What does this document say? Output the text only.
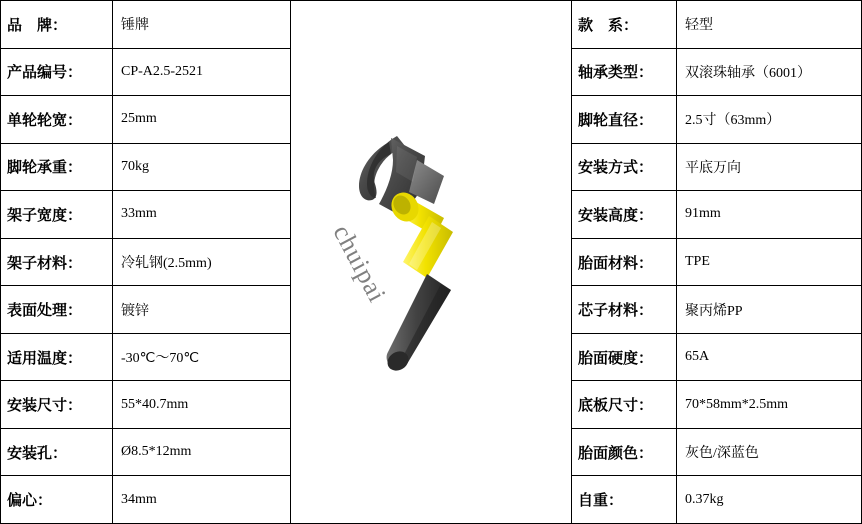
品　牌：	锤牌
产品编号：	CP-A2.5-2521
单轮轮宽：	25mm
脚轮承重：	70kg
架子宽度：	33mm
架子材料：	冷轧钢(2.5mm)
表面处理：	镀锌
适用温度：	-30℃～70℃
安装尺寸：	55*40.7mm
安装孔：	Ø8.5*12mm
偏心：	34mm
chuipai
款　系：	轻型
轴承类型：	双滚珠轴承（6001）
脚轮直径：	2.5寸（63mm）
安装方式：	平底万向
安装高度：	91mm
胎面材料：	TPE
芯子材料：	聚丙烯PP
胎面硬度：	65A
底板尺寸：	70*58mm*2.5mm
胎面颜色：	灰色/深蓝色
自重：	0.37kg
